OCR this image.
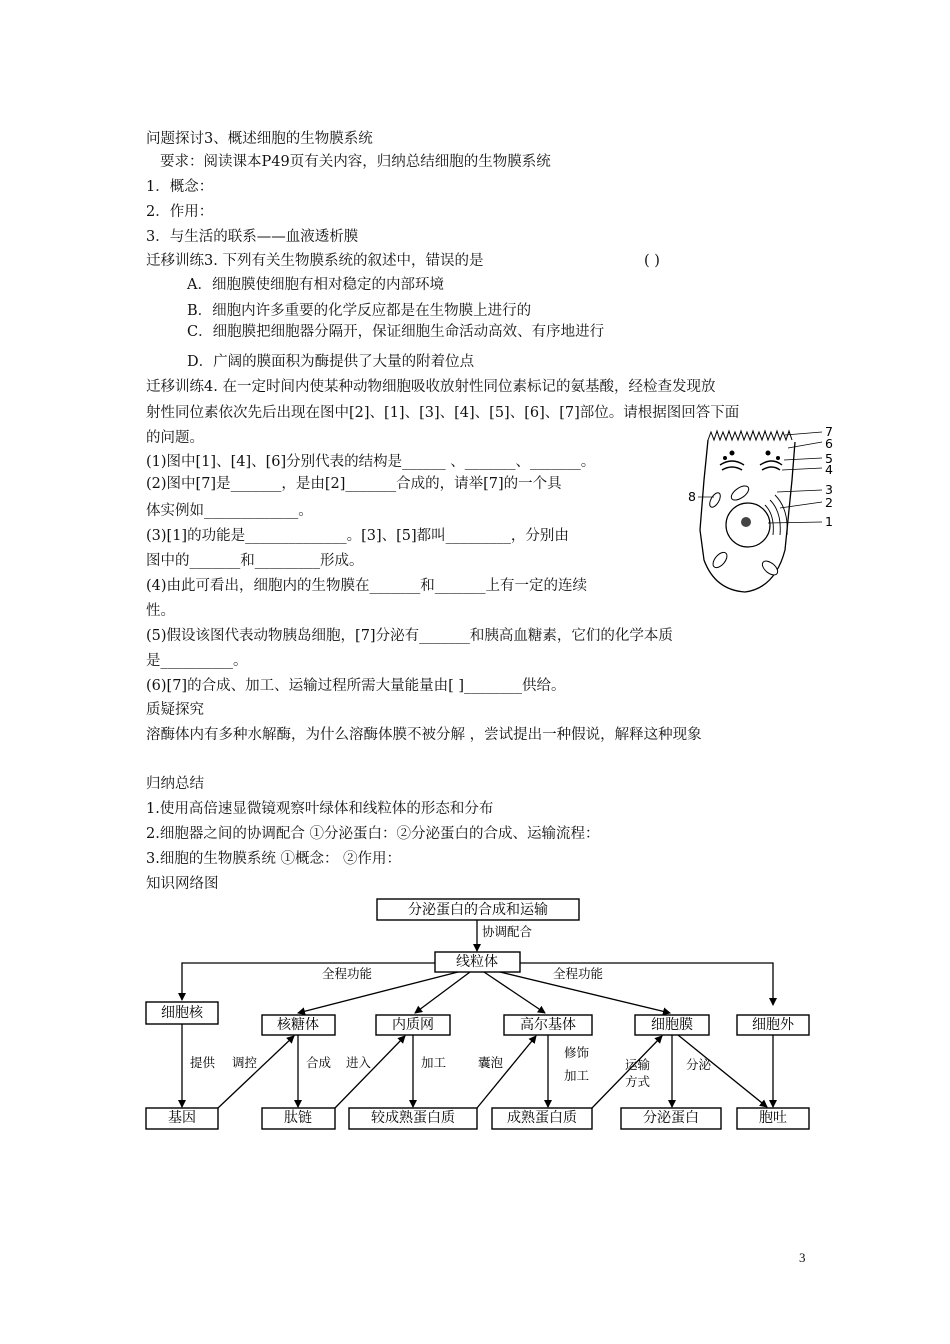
问题探讨3、概述细胞的生物膜系统
要求：阅读课本P49页有关内容，归纳总结细胞的生物膜系统
1．概念：
2．作用：
3．与生活的联系——血液透析膜
迁移训练3. 下列有关生物膜系统的叙述中，错误的是	( )
A．细胞膜使细胞有相对稳定的内部环境
B．细胞内许多重要的化学反应都是在生物膜上进行的
C．细胞膜把细胞器分隔开，保证细胞生命活动高效、有序地进行
D．广阔的膜面积为酶提供了大量的附着位点
迁移训练4. 在一定时间内使某种动物细胞吸收放射性同位素标记的氨基酸，经检查发现放
射性同位素依次先后出现在图中[2]、[1]、[3]、[4]、[5]、[6]、[7]部位。请根据图回答下面
的问题。
(1)图中[1]、[4]、[6]分别代表的结构是______ 、_______、_______。
(2)图中[7]是_______，是由[2]_______合成的，请举[7]的一个具
体实例如_____________。
(3)[1]的功能是______________。[3]、[5]都叫_________，分别由
图中的_______和_________形成。
(4)由此可看出，细胞内的生物膜在_______和_______上有一定的连续
性。
(5)假设该图代表动物胰岛细胞，[7]分泌有_______和胰高血糖素，它们的化学本质
是__________。
(6)[7]的合成、加工、运输过程所需大量能量由[ ]________供给。
质疑探究
溶酶体内有多种水解酶，为什么溶酶体膜不被分解 ，尝试提出一种假说，解释这种现象
归纳总结
1.使用高倍速显微镜观察叶绿体和线粒体的形态和分布
2.细胞器之间的协调配合 ①分泌蛋白：②分泌蛋白的合成、运输流程：
3.细胞的生物膜系统 ①概念： ②作用：
知识网络图
7
6
5
4
3
2
1
8
分泌蛋白的合成和运输
协调配合
线粒体
全程功能	全程功能
细胞核
核糖体	内质网	高尔基体	细胞膜	细胞外
基因	肽链	较成熟蛋白质	成熟蛋白质	分泌蛋白	胞吐
提供 调控	合成 进入	加工	囊泡
修饰
加工
运输
方式
分泌
3
